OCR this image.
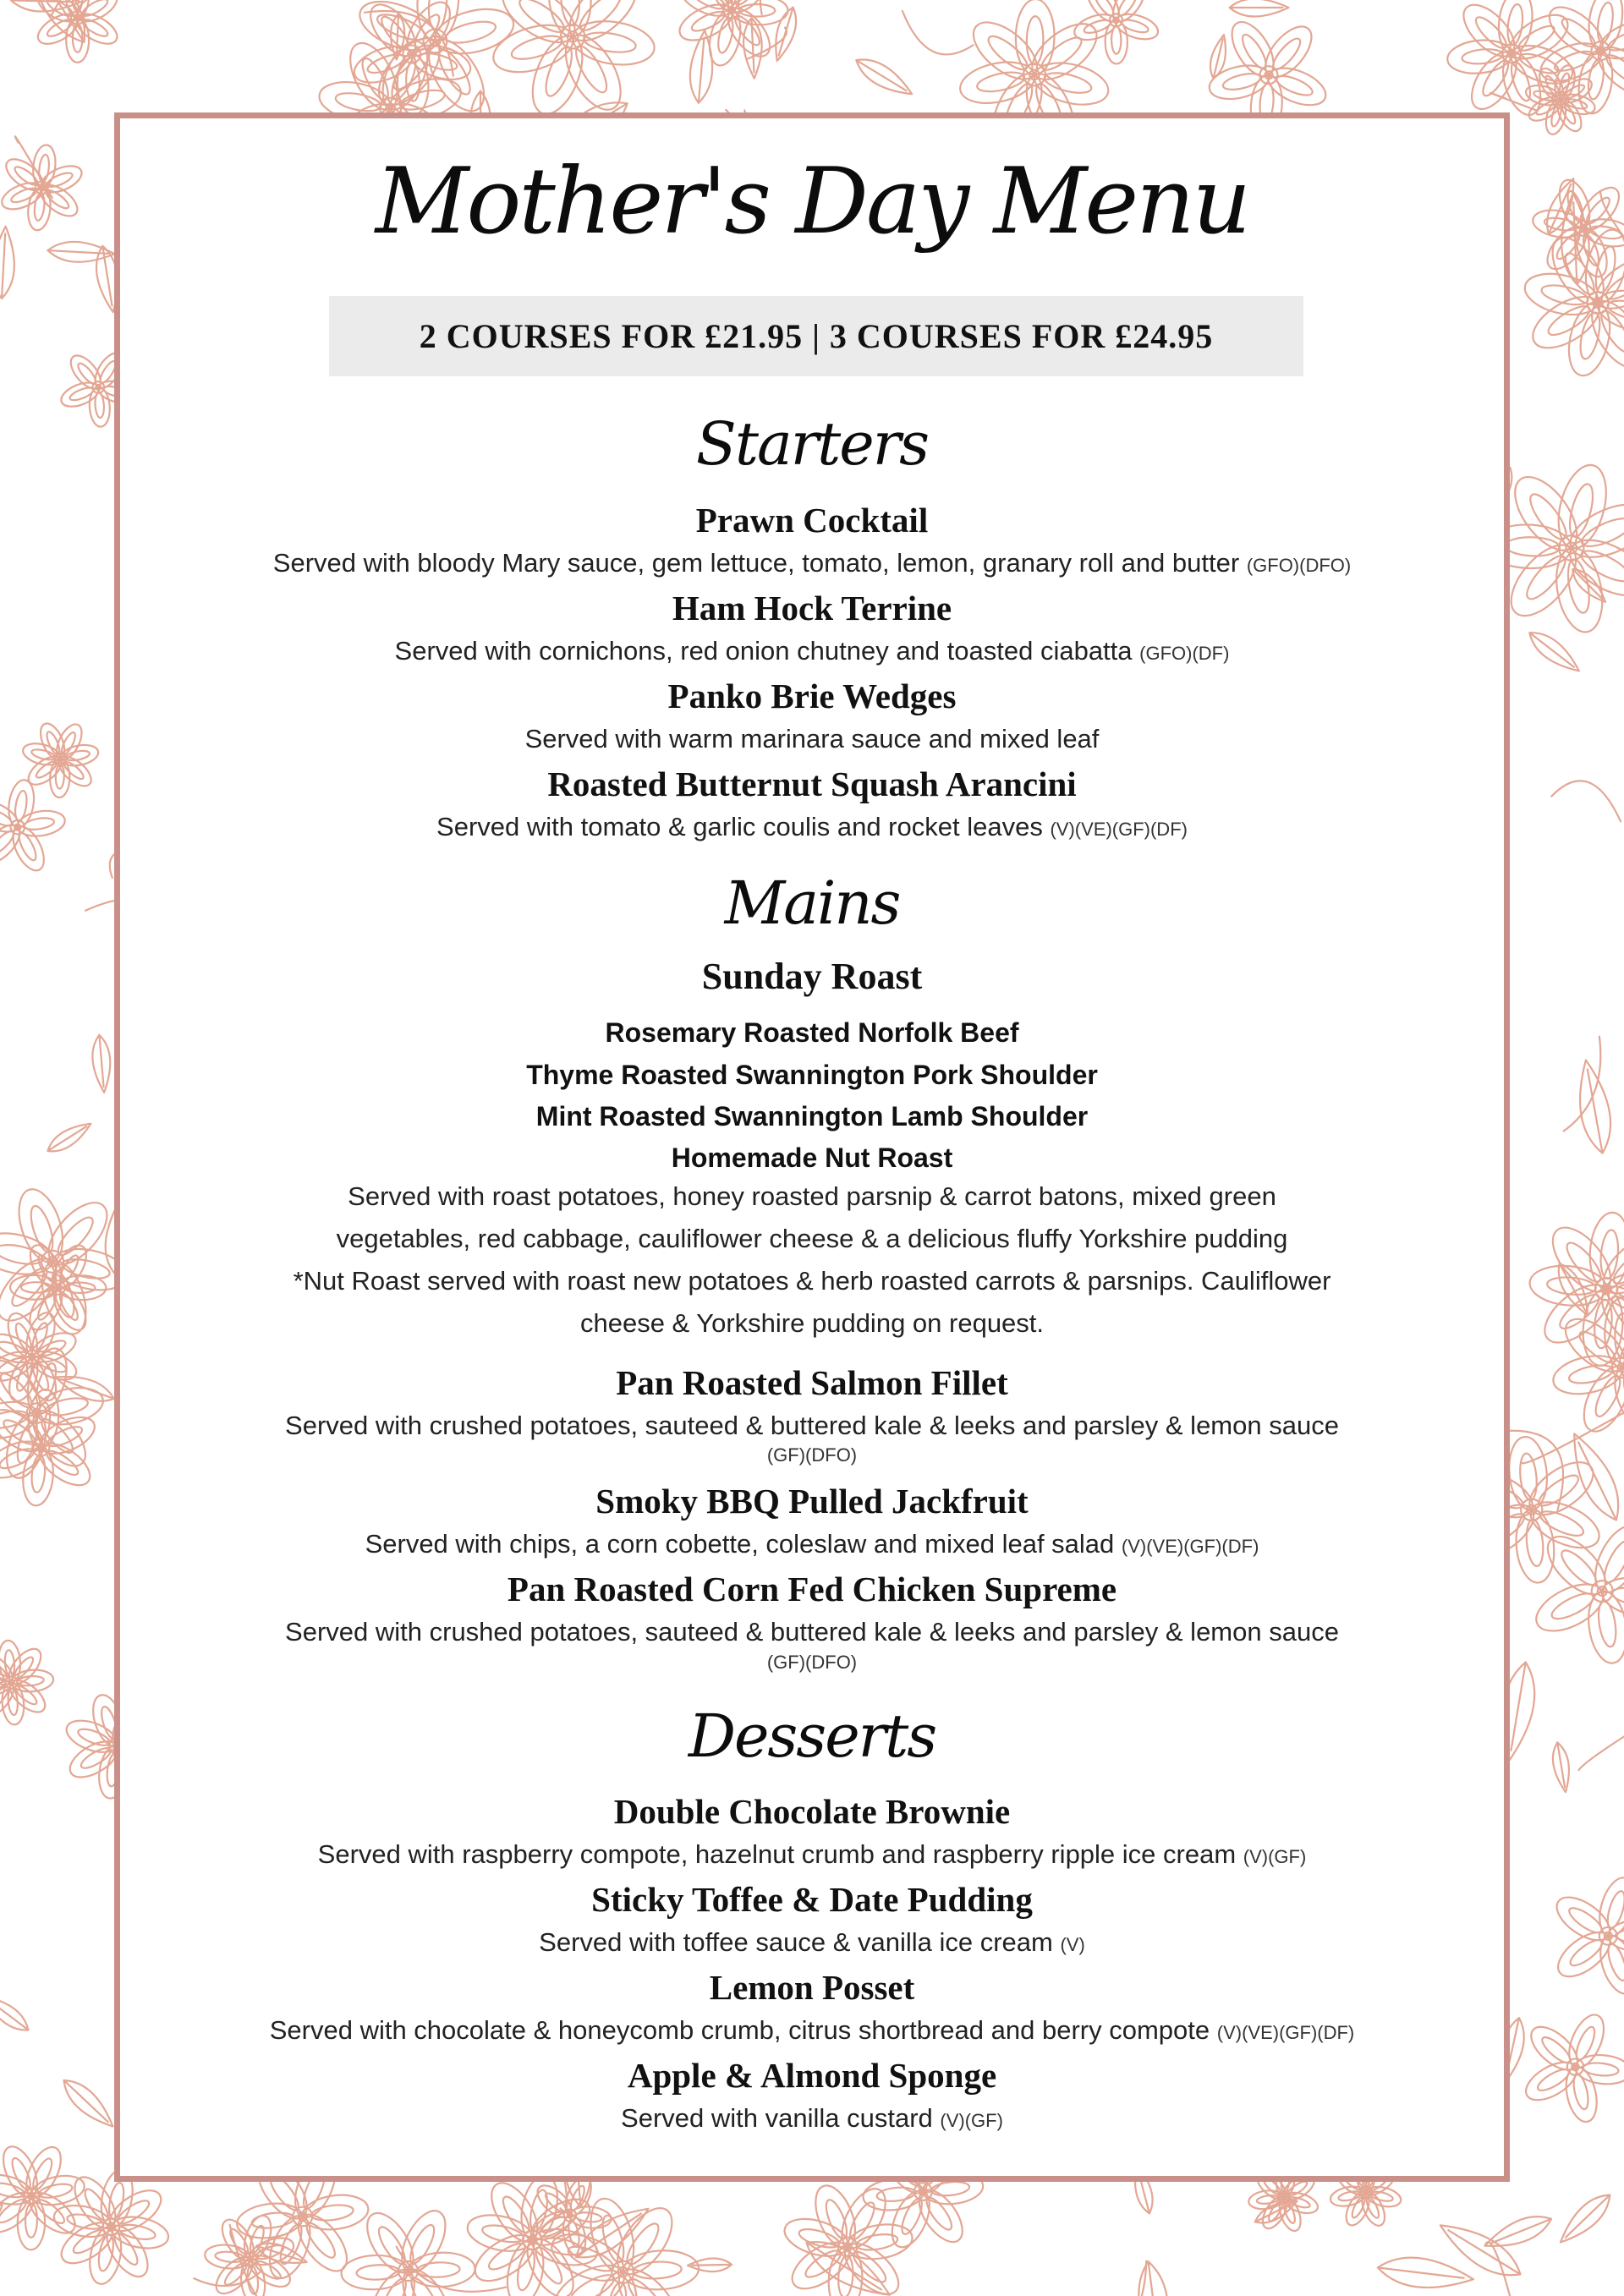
Mother's Day Menu
2 COURSES FOR £21.95 | 3 COURSES FOR £24.95
Starters
Prawn Cocktail
Served with bloody Mary sauce, gem lettuce, tomato, lemon, granary roll and butter (GFO)(DFO)
Ham Hock Terrine
Served with cornichons, red onion chutney and toasted ciabatta (GFO)(DF)
Panko Brie Wedges
Served with warm marinara sauce and mixed leaf
Roasted Butternut Squash Arancini
Served with tomato & garlic coulis and rocket leaves (V)(VE)(GF)(DF)
Mains
Sunday Roast
Rosemary Roasted Norfolk Beef
Thyme Roasted Swannington Pork Shoulder
Mint Roasted Swannington Lamb Shoulder
Homemade Nut Roast
Served with roast potatoes, honey roasted parsnip & carrot batons, mixed green
vegetables, red cabbage, cauliflower cheese & a delicious fluffy Yorkshire pudding
*Nut Roast served with roast new potatoes & herb roasted carrots & parsnips. Cauliflower
cheese & Yorkshire pudding on request.
Pan Roasted Salmon Fillet
Served with crushed potatoes, sauteed & buttered kale & leeks and parsley & lemon sauce
(GF)(DFO)
Smoky BBQ Pulled Jackfruit
Served with chips, a corn cobette, coleslaw and mixed leaf salad (V)(VE)(GF)(DF)
Pan Roasted Corn Fed Chicken Supreme
Served with crushed potatoes, sauteed & buttered kale & leeks and parsley & lemon sauce
(GF)(DFO)
Desserts
Double Chocolate Brownie
Served with raspberry compote, hazelnut crumb and raspberry ripple ice cream (V)(GF)
Sticky Toffee & Date Pudding
Served with toffee sauce & vanilla ice cream (V)
Lemon Posset
Served with chocolate & honeycomb crumb, citrus shortbread and berry compote (V)(VE)(GF)(DF)
Apple & Almond Sponge
Served with vanilla custard (V)(GF)
